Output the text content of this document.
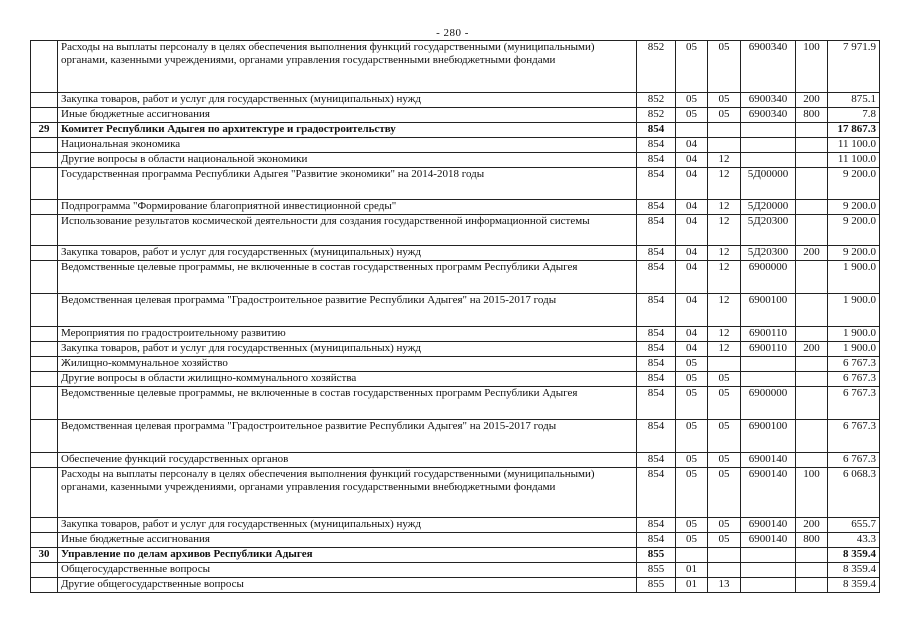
- 280 -
	Расходы на выплаты персоналу в целях обеспечения выполнения функций государственными (муниципальными) органами, казенными учреждениями, органами управления государственными внебюджетными фондами	852	05	05	6900340	100	7 971.9
	Закупка товаров, работ и услуг для государственных (муниципальных) нужд	852	05	05	6900340	200	875.1
	Иные бюджетные ассигнования	852	05	05	6900340	800	7.8
29	Комитет Республики Адыгея по архитектуре и градостроительству	854					17 867.3
	Национальная экономика	854	04				11 100.0
	Другие вопросы в области национальной экономики	854	04	12			11 100.0
	Государственная программа Республики Адыгея "Развитие экономики" на 2014-2018 годы	854	04	12	5Д00000		9 200.0
	Подпрограмма "Формирование благоприятной инвестиционной среды"	854	04	12	5Д20000		9 200.0
	Использование результатов космической деятельности для создания государственной информационной системы	854	04	12	5Д20300		9 200.0
	Закупка товаров, работ и услуг для государственных (муниципальных) нужд	854	04	12	5Д20300	200	9 200.0
	Ведомственные целевые программы, не включенные в состав государственных программ Республики Адыгея	854	04	12	6900000		1 900.0
	Ведомственная целевая программа "Градостроительное развитие Республики Адыгея" на 2015-2017 годы	854	04	12	6900100		1 900.0
	Мероприятия по градостроительному развитию	854	04	12	6900110		1 900.0
	Закупка товаров, работ и услуг для государственных (муниципальных) нужд	854	04	12	6900110	200	1 900.0
	Жилищно-коммунальное хозяйство	854	05				6 767.3
	Другие вопросы в области жилищно-коммунального хозяйства	854	05	05			6 767.3
	Ведомственные целевые программы, не включенные в состав государственных программ Республики Адыгея	854	05	05	6900000		6 767.3
	Ведомственная целевая программа "Градостроительное развитие Республики Адыгея" на 2015-2017 годы	854	05	05	6900100		6 767.3
	Обеспечение функций государственных органов	854	05	05	6900140		6 767.3
	Расходы на выплаты персоналу в целях обеспечения выполнения функций государственными (муниципальными) органами, казенными учреждениями, органами управления государственными внебюджетными фондами	854	05	05	6900140	100	6 068.3
	Закупка товаров, работ и услуг для государственных (муниципальных) нужд	854	05	05	6900140	200	655.7
	Иные бюджетные ассигнования	854	05	05	6900140	800	43.3
30	Управление по делам архивов Республики Адыгея	855					8 359.4
	Общегосударственные вопросы	855	01				8 359.4
	Другие общегосударственные вопросы	855	01	13			8 359.4
